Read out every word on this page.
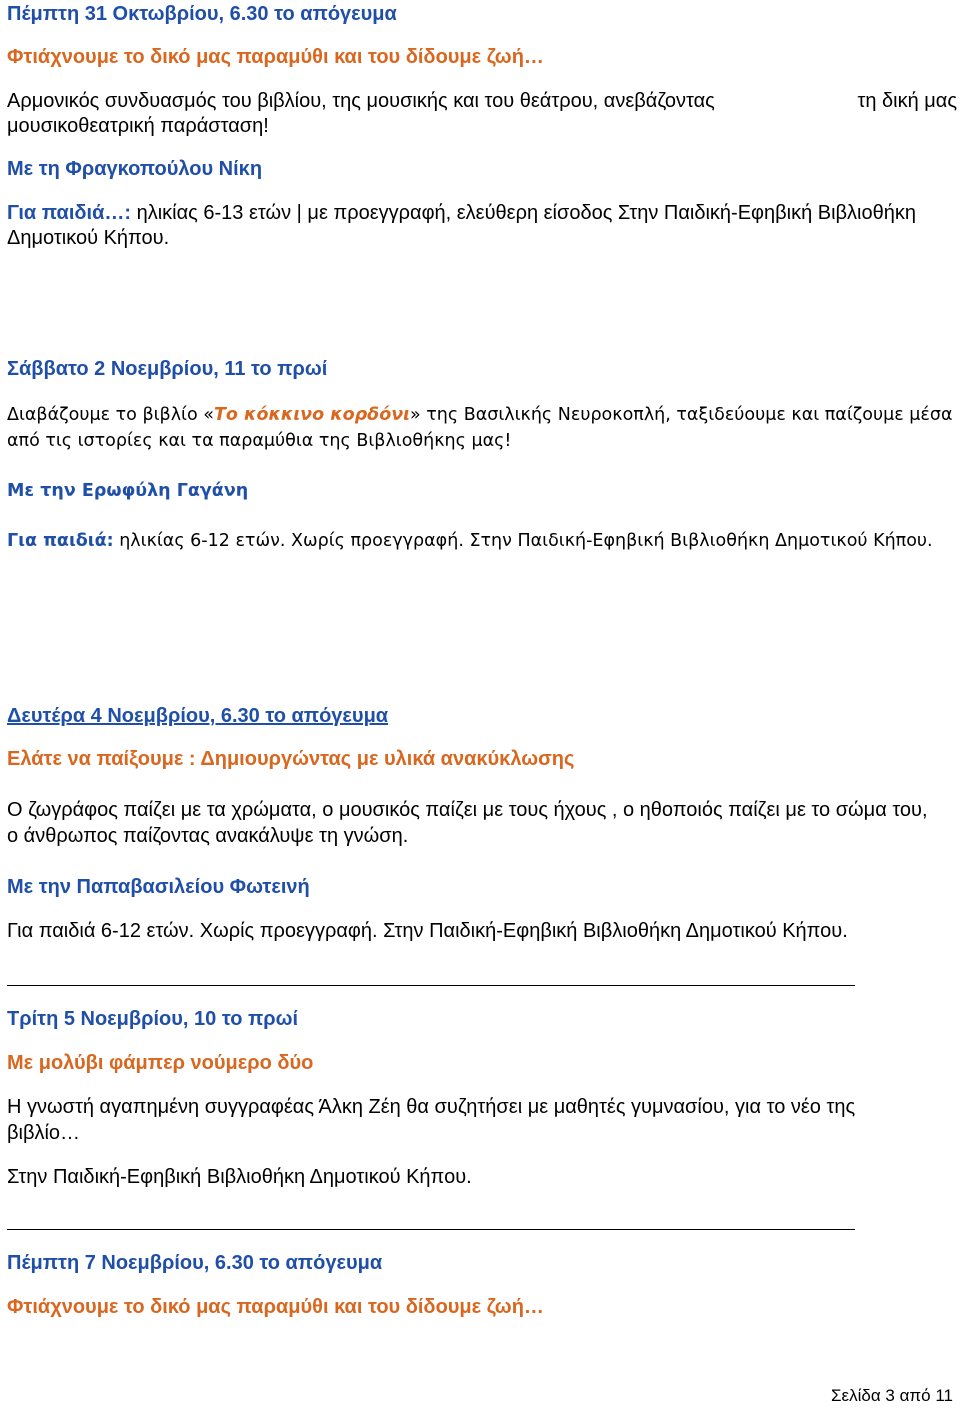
Πέμπτη 31 Οκτωβρίου, 6.30 το απόγευμα
Φτιάχνουμε το δικό μας παραμύθι και του δίδουμε ζωή…
Αρμονικός συνδυασμός του βιβλίου, της μουσικής και του θεάτρου, ανεβάζοντας	τη δική μας
μουσικοθεατρική παράσταση!
Με τη Φραγκοπούλου Νίκη
Για παιδιά…: ηλικίας 6-13 ετών | με προεγγραφή, ελεύθερη είσοδος Στην Παιδική-Εφηβική Βιβλιοθήκη
Δημοτικού Κήπου.
Σάββατο 2 Νοεμβρίου, 11 το πρωί
Διαβάζουμε το βιβλίο «Το κόκκινο κορδόνι» της Βασιλικής Νευροκοπλή, ταξιδεύουμε και παίζουμε μέσα
από τις ιστορίες και τα παραμύθια της Βιβλιοθήκης μας!
Με την Ερωφύλη Γαγάνη
Για παιδιά: ηλικίας 6-12 ετών. Χωρίς προεγγραφή. Στην Παιδική-Εφηβική Βιβλιοθήκη Δημοτικού Κήπου.
Δευτέρα 4 Νοεμβρίου, 6.30 το απόγευμα
Ελάτε να παίξουμε : Δημιουργώντας με υλικά ανακύκλωσης
Ο ζωγράφος παίζει με τα χρώματα, ο μουσικός παίζει με τους ήχους , ο ηθοποιός παίζει με το σώμα του,
ο άνθρωπος παίζοντας ανακάλυψε τη γνώση.
Με την Παπαβασιλείου Φωτεινή
Για παιδιά 6-12 ετών. Χωρίς προεγγραφή. Στην Παιδική-Εφηβική Βιβλιοθήκη Δημοτικού Κήπου.
Τρίτη 5 Νοεμβρίου, 10 το πρωί
Με μολύβι φάμπερ νούμερο δύο
Η γνωστή αγαπημένη συγγραφέας Άλκη Ζέη θα συζητήσει με μαθητές γυμνασίου, για το νέο της
βιβλίο…
Στην Παιδική-Εφηβική Βιβλιοθήκη Δημοτικού Κήπου.
Πέμπτη 7 Νοεμβρίου, 6.30 το απόγευμα
Φτιάχνουμε το δικό μας παραμύθι και του δίδουμε ζωή…
Σελίδα 3 από 11
